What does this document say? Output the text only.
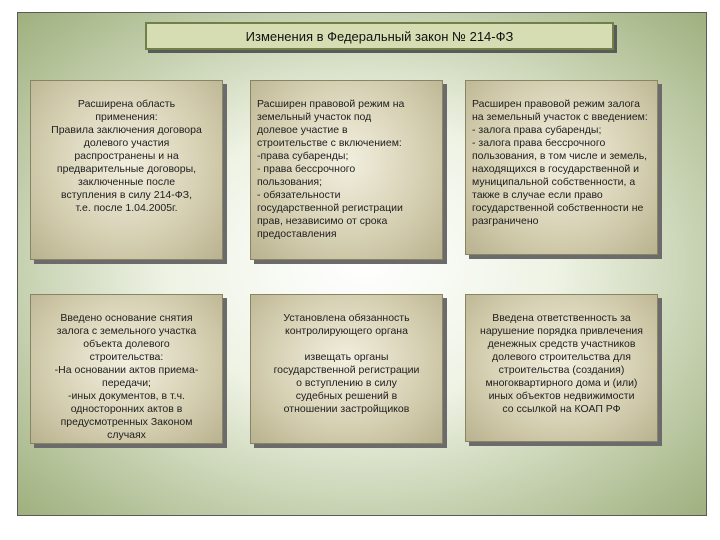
Изменения в Федеральный закон № 214-ФЗ

Расширена область
применения:
Правила заключения договора
долевого участия
распространены и на
предварительные договоры,
заключенные после
вступления в силу 214-ФЗ,
т.е. после 1.04.2005г.

Расширен правовой режим на
земельный участок под
долевое участие в
строительстве с включением:
-права субаренды;
- права бессрочного
пользования;
- обязательности
государственной регистрации
прав, независимо от срока
предоставления

Расширен правовой режим залога
на земельный участок с введением:
- залога права субаренды;
- залога права бессрочного
пользования, в том числе и земель,
находящихся в государственной и
муниципальной собственности, а
также в случае если право
государственной собственности не
разграничено

Введено основание снятия
залога с земельного участка
объекта долевого
строительства:
-На основании актов приема-
передачи;
-иных документов, в т.ч.
односторонних актов в
предусмотренных Законом
случаях

Установлена обязанность
контролирующего органа

извещать органы
государственной регистрации
о вступлению в силу
судебных решений в
отношении застройщиков

Введена ответственность за
нарушение порядка привлечения
денежных средств участников
долевого строительства для
строительства (создания)
многоквартирного дома и (или)
иных объектов недвижимости
со ссылкой на КОАП РФ
